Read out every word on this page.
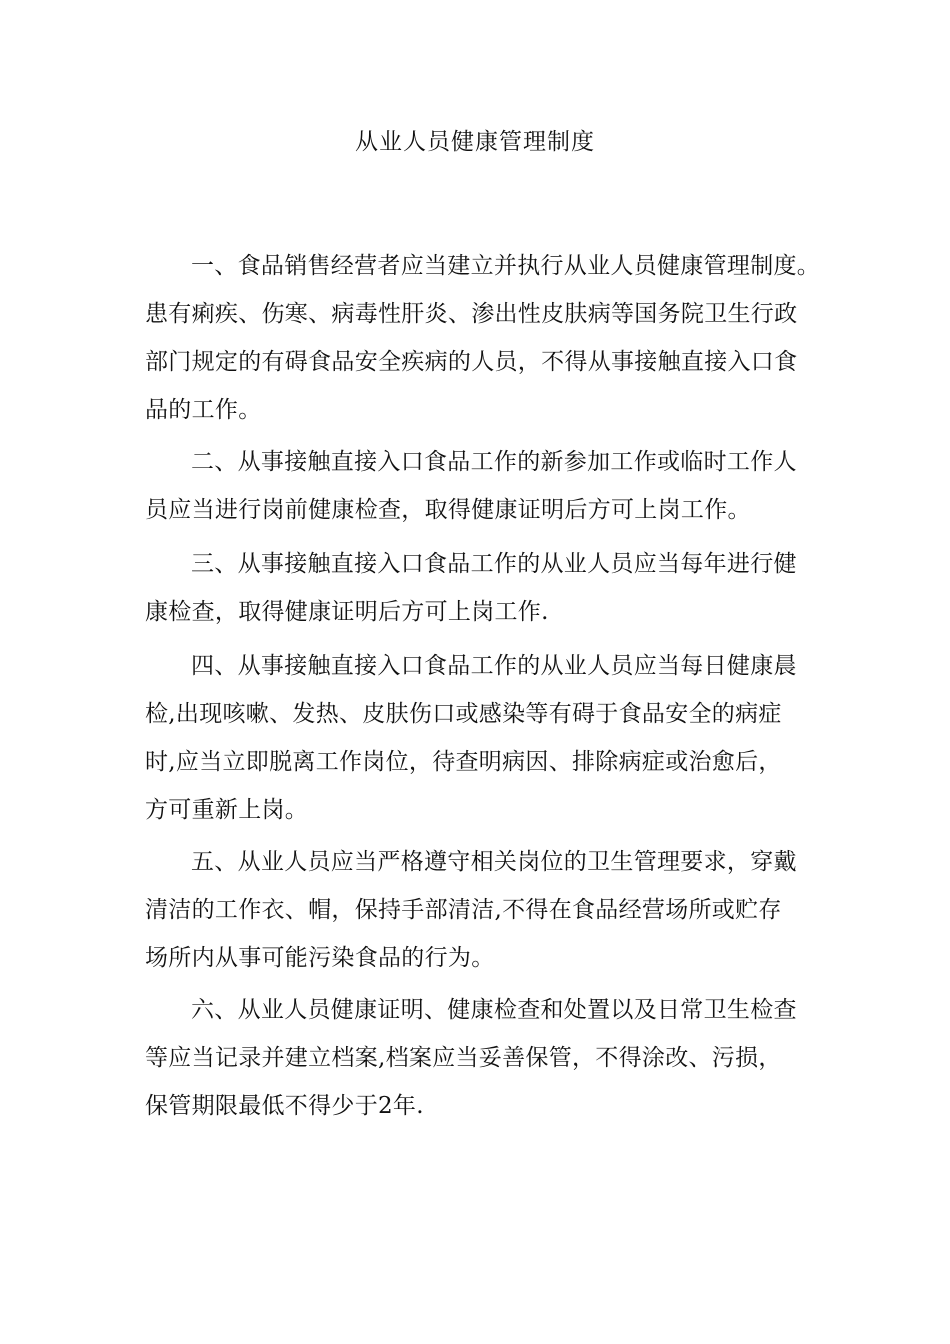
从业人员健康管理制度
一、食品销售经营者应当建立并执行从业人员健康管理制度。
患有痢疾、伤寒、病毒性肝炎、渗出性皮肤病等国务院卫生行政
部门规定的有碍食品安全疾病的人员，不得从事接触直接入口食
品的工作。
二、从事接触直接入口食品工作的新参加工作或临时工作人
员应当进行岗前健康检查，取得健康证明后方可上岗工作。
三、从事接触直接入口食品工作的从业人员应当每年进行健
康检查，取得健康证明后方可上岗工作.
四、从事接触直接入口食品工作的从业人员应当每日健康晨
检,出现咳嗽、发热、皮肤伤口或感染等有碍于食品安全的病症
时,应当立即脱离工作岗位，待查明病因、排除病症或治愈后，
方可重新上岗。
五、从业人员应当严格遵守相关岗位的卫生管理要求，穿戴
清洁的工作衣、帽，保持手部清洁,不得在食品经营场所或贮存
场所内从事可能污染食品的行为。
六、从业人员健康证明、健康检查和处置以及日常卫生检查
等应当记录并建立档案,档案应当妥善保管，不得涂改、污损，
保管期限最低不得少于2年.
